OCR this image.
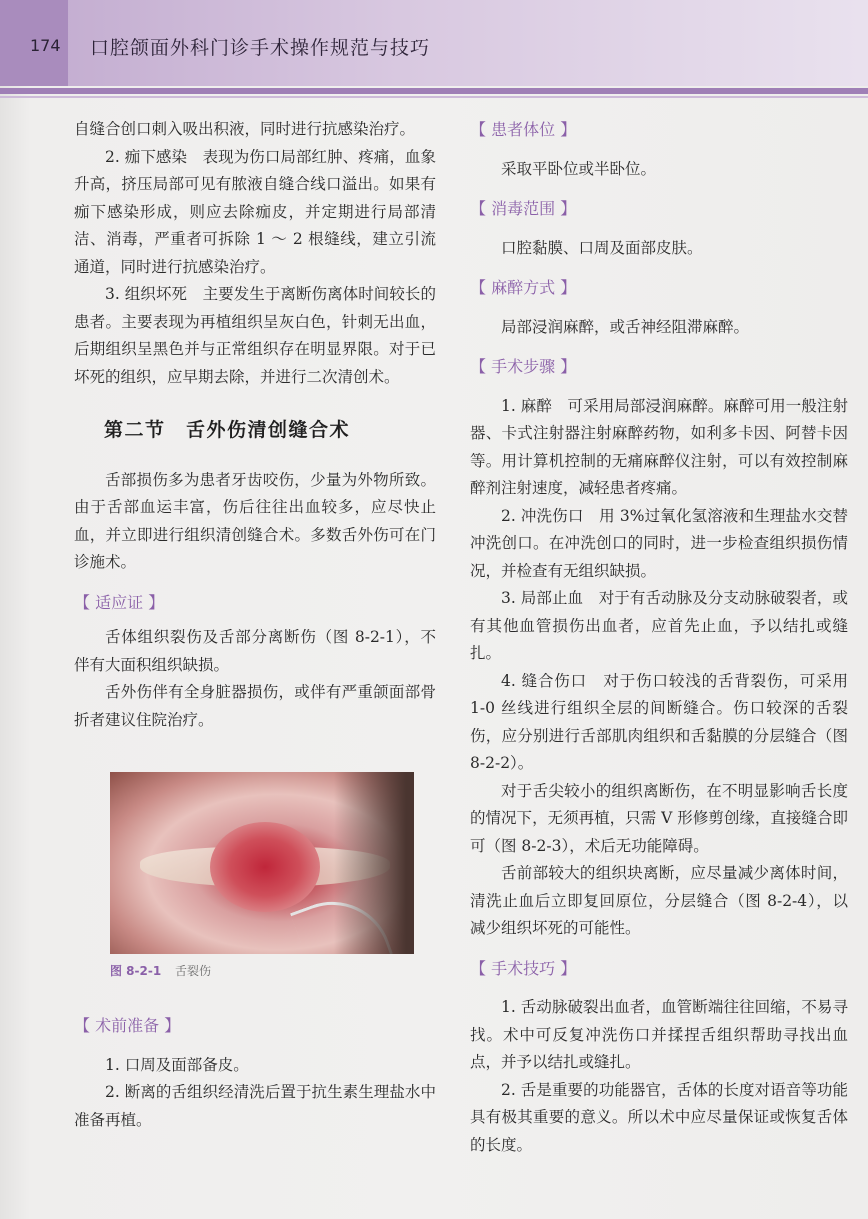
174 口腔颌面外科门诊手术操作规范与技巧

自缝合创口刺入吸出积液，同时进行抗感染治疗。

2. 痂下感染　表现为伤口局部红肿、疼痛，血象升高，挤压局部可见有脓液自缝合线口溢出。如果有痂下感染形成，则应去除痂皮，并定期进行局部清洁、消毒，严重者可拆除 1 ～ 2 根缝线，建立引流通道，同时进行抗感染治疗。

3. 组织坏死　主要发生于离断伤离体时间较长的患者。主要表现为再植组织呈灰白色，针刺无出血，后期组织呈黑色并与正常组织存在明显界限。对于已坏死的组织，应早期去除，并进行二次清创术。

第二节　舌外伤清创缝合术

舌部损伤多为患者牙齿咬伤，少量为外物所致。由于舌部血运丰富，伤后往往出血较多，应尽快止血，并立即进行组织清创缝合术。多数舌外伤可在门诊施术。

【 适应证 】

舌体组织裂伤及舌部分离断伤（图 8-2-1），不伴有大面积组织缺损。

舌外伤伴有全身脏器损伤，或伴有严重颌面部骨折者建议住院治疗。

图 8-2-1 舌裂伤

【 术前准备 】

1. 口周及面部备皮。

2. 断离的舌组织经清洗后置于抗生素生理盐水中准备再植。

【 患者体位 】

采取平卧位或半卧位。

【 消毒范围 】

口腔黏膜、口周及面部皮肤。

【 麻醉方式 】

局部浸润麻醉，或舌神经阻滞麻醉。

【 手术步骤 】

1. 麻醉　可采用局部浸润麻醉。麻醉可用一般注射器、卡式注射器注射麻醉药物，如利多卡因、阿替卡因等。用计算机控制的无痛麻醉仪注射，可以有效控制麻醉剂注射速度，减轻患者疼痛。

2. 冲洗伤口　用 3%过氧化氢溶液和生理盐水交替冲洗创口。在冲洗创口的同时，进一步检查组织损伤情况，并检查有无组织缺损。

3. 局部止血　对于有舌动脉及分支动脉破裂者，或有其他血管损伤出血者，应首先止血，予以结扎或缝扎。

4. 缝合伤口　对于伤口较浅的舌背裂伤，可采用 1-0 丝线进行组织全层的间断缝合。伤口较深的舌裂伤，应分别进行舌部肌肉组织和舌黏膜的分层缝合（图 8-2-2）。

对于舌尖较小的组织离断伤，在不明显影响舌长度的情况下，无须再植，只需 V 形修剪创缘，直接缝合即可（图 8-2-3），术后无功能障碍。

舌前部较大的组织块离断，应尽量减少离体时间，清洗止血后立即复回原位，分层缝合（图 8-2-4），以减少组织坏死的可能性。

【 手术技巧 】

1. 舌动脉破裂出血者，血管断端往往回缩，不易寻找。术中可反复冲洗伤口并揉捏舌组织帮助寻找出血点，并予以结扎或缝扎。

2. 舌是重要的功能器官，舌体的长度对语音等功能具有极其重要的意义。所以术中应尽量保证或恢复舌体的长度。
